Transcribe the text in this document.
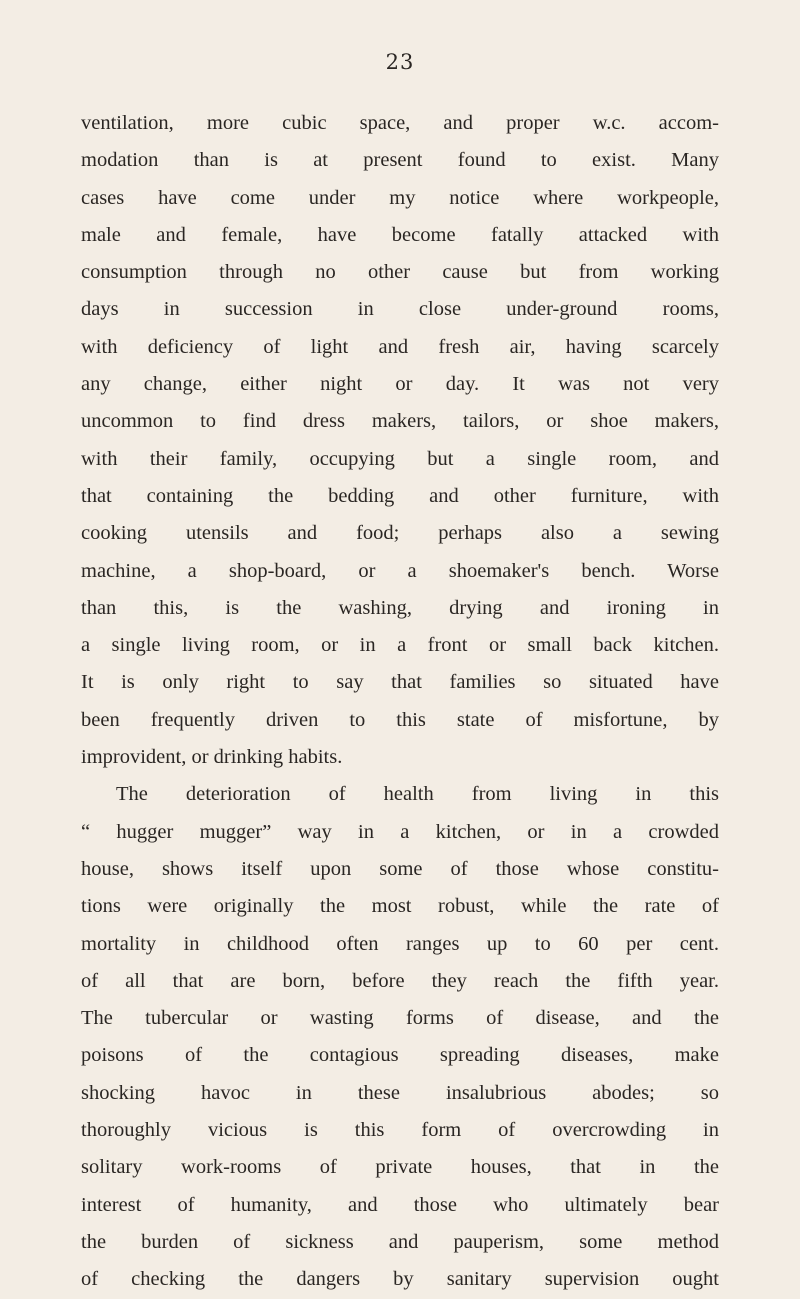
23
ventilation, more cubic space, and proper w.c. accom-
modation than is at present found to exist. Many
cases have come under my notice where workpeople,
male and female, have become fatally attacked with
consumption through no other cause but from working
days in succession in close under-ground rooms,
with deficiency of light and fresh air, having scarcely
any change, either night or day. It was not very
uncommon to find dress makers, tailors, or shoe makers,
with their family, occupying but a single room, and
that containing the bedding and other furniture, with
cooking utensils and food; perhaps also a sewing
machine, a shop-board, or a shoemaker's bench. Worse
than this, is the washing, drying and ironing in
a single living room, or in a front or small back kitchen.
It is only right to say that families so situated have
been frequently driven to this state of misfortune, by
improvident, or drinking habits.
The deterioration of health from living in this
“ hugger mugger” way in a kitchen, or in a crowded
house, shows itself upon some of those whose constitu-
tions were originally the most robust, while the rate of
mortality in childhood often ranges up to 60 per cent.
of all that are born, before they reach the fifth year.
The tubercular or wasting forms of disease, and the
poisons of the contagious spreading diseases, make
shocking havoc in these insalubrious abodes; so
thoroughly vicious is this form of overcrowding in
solitary work-rooms of private houses, that in the
interest of humanity, and those who ultimately bear
the burden of sickness and pauperism, some method
of checking the dangers by sanitary supervision ought
